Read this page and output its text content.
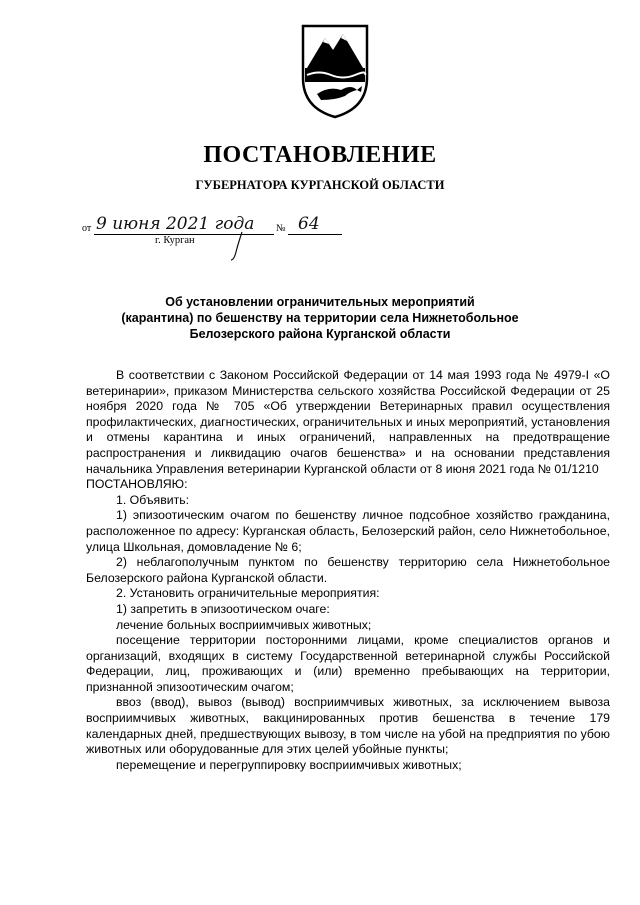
ПОСТАНОВЛЕНИЕ
ГУБЕРНАТОРА КУРГАНСКОЙ ОБЛАСТИ
от 9 июня 2021 года	№ 64
г. Курган
Об установлении ограничительных мероприятий
(карантина) по бешенству на территории села Нижнетобольное
Белозерского района Курганской области

В соответствии с Законом Российской Федерации от 14 мая 1993 года № 4979-I «О ветеринарии», приказом Министерства сельского хозяйства Российской Федерации от 25 ноября 2020 года № 705 «Об утверждении Ветеринарных правил осуществления профилактических, диагностических, ограничительных и иных мероприятий, установления и отмены карантина и иных ограничений, направленных на предотвращение распространения и ликвидацию очагов бешенства» и на основании представления начальника Управления ветеринарии Курганской области от 8 июня 2021 года № 01/1210

ПОСТАНОВЛЯЮ:

1. Объявить:

1) эпизоотическим очагом по бешенству личное подсобное хозяйство гражданина, расположенное по адресу: Курганская область, Белозерский район, село Нижнетобольное, улица Школьная, домовладение № 6;

2) неблагополучным пунктом по бешенству территорию села Нижнетобольное Белозерского района Курганской области.

2. Установить ограничительные мероприятия:

1) запретить в эпизоотическом очаге:

лечение больных восприимчивых животных;

посещение территории посторонними лицами, кроме специалистов органов и организаций, входящих в систему Государственной ветеринарной службы Российской Федерации, лиц, проживающих и (или) временно пребывающих на территории, признанной эпизоотическим очагом;

ввоз (ввод), вывоз (вывод) восприимчивых животных, за исключением вывоза восприимчивых животных, вакцинированных против бешенства в течение 179 календарных дней, предшествующих вывозу, в том числе на убой на предприятия по убою животных или оборудованные для этих целей убойные пункты;

перемещение и перегруппировку восприимчивых животных;
